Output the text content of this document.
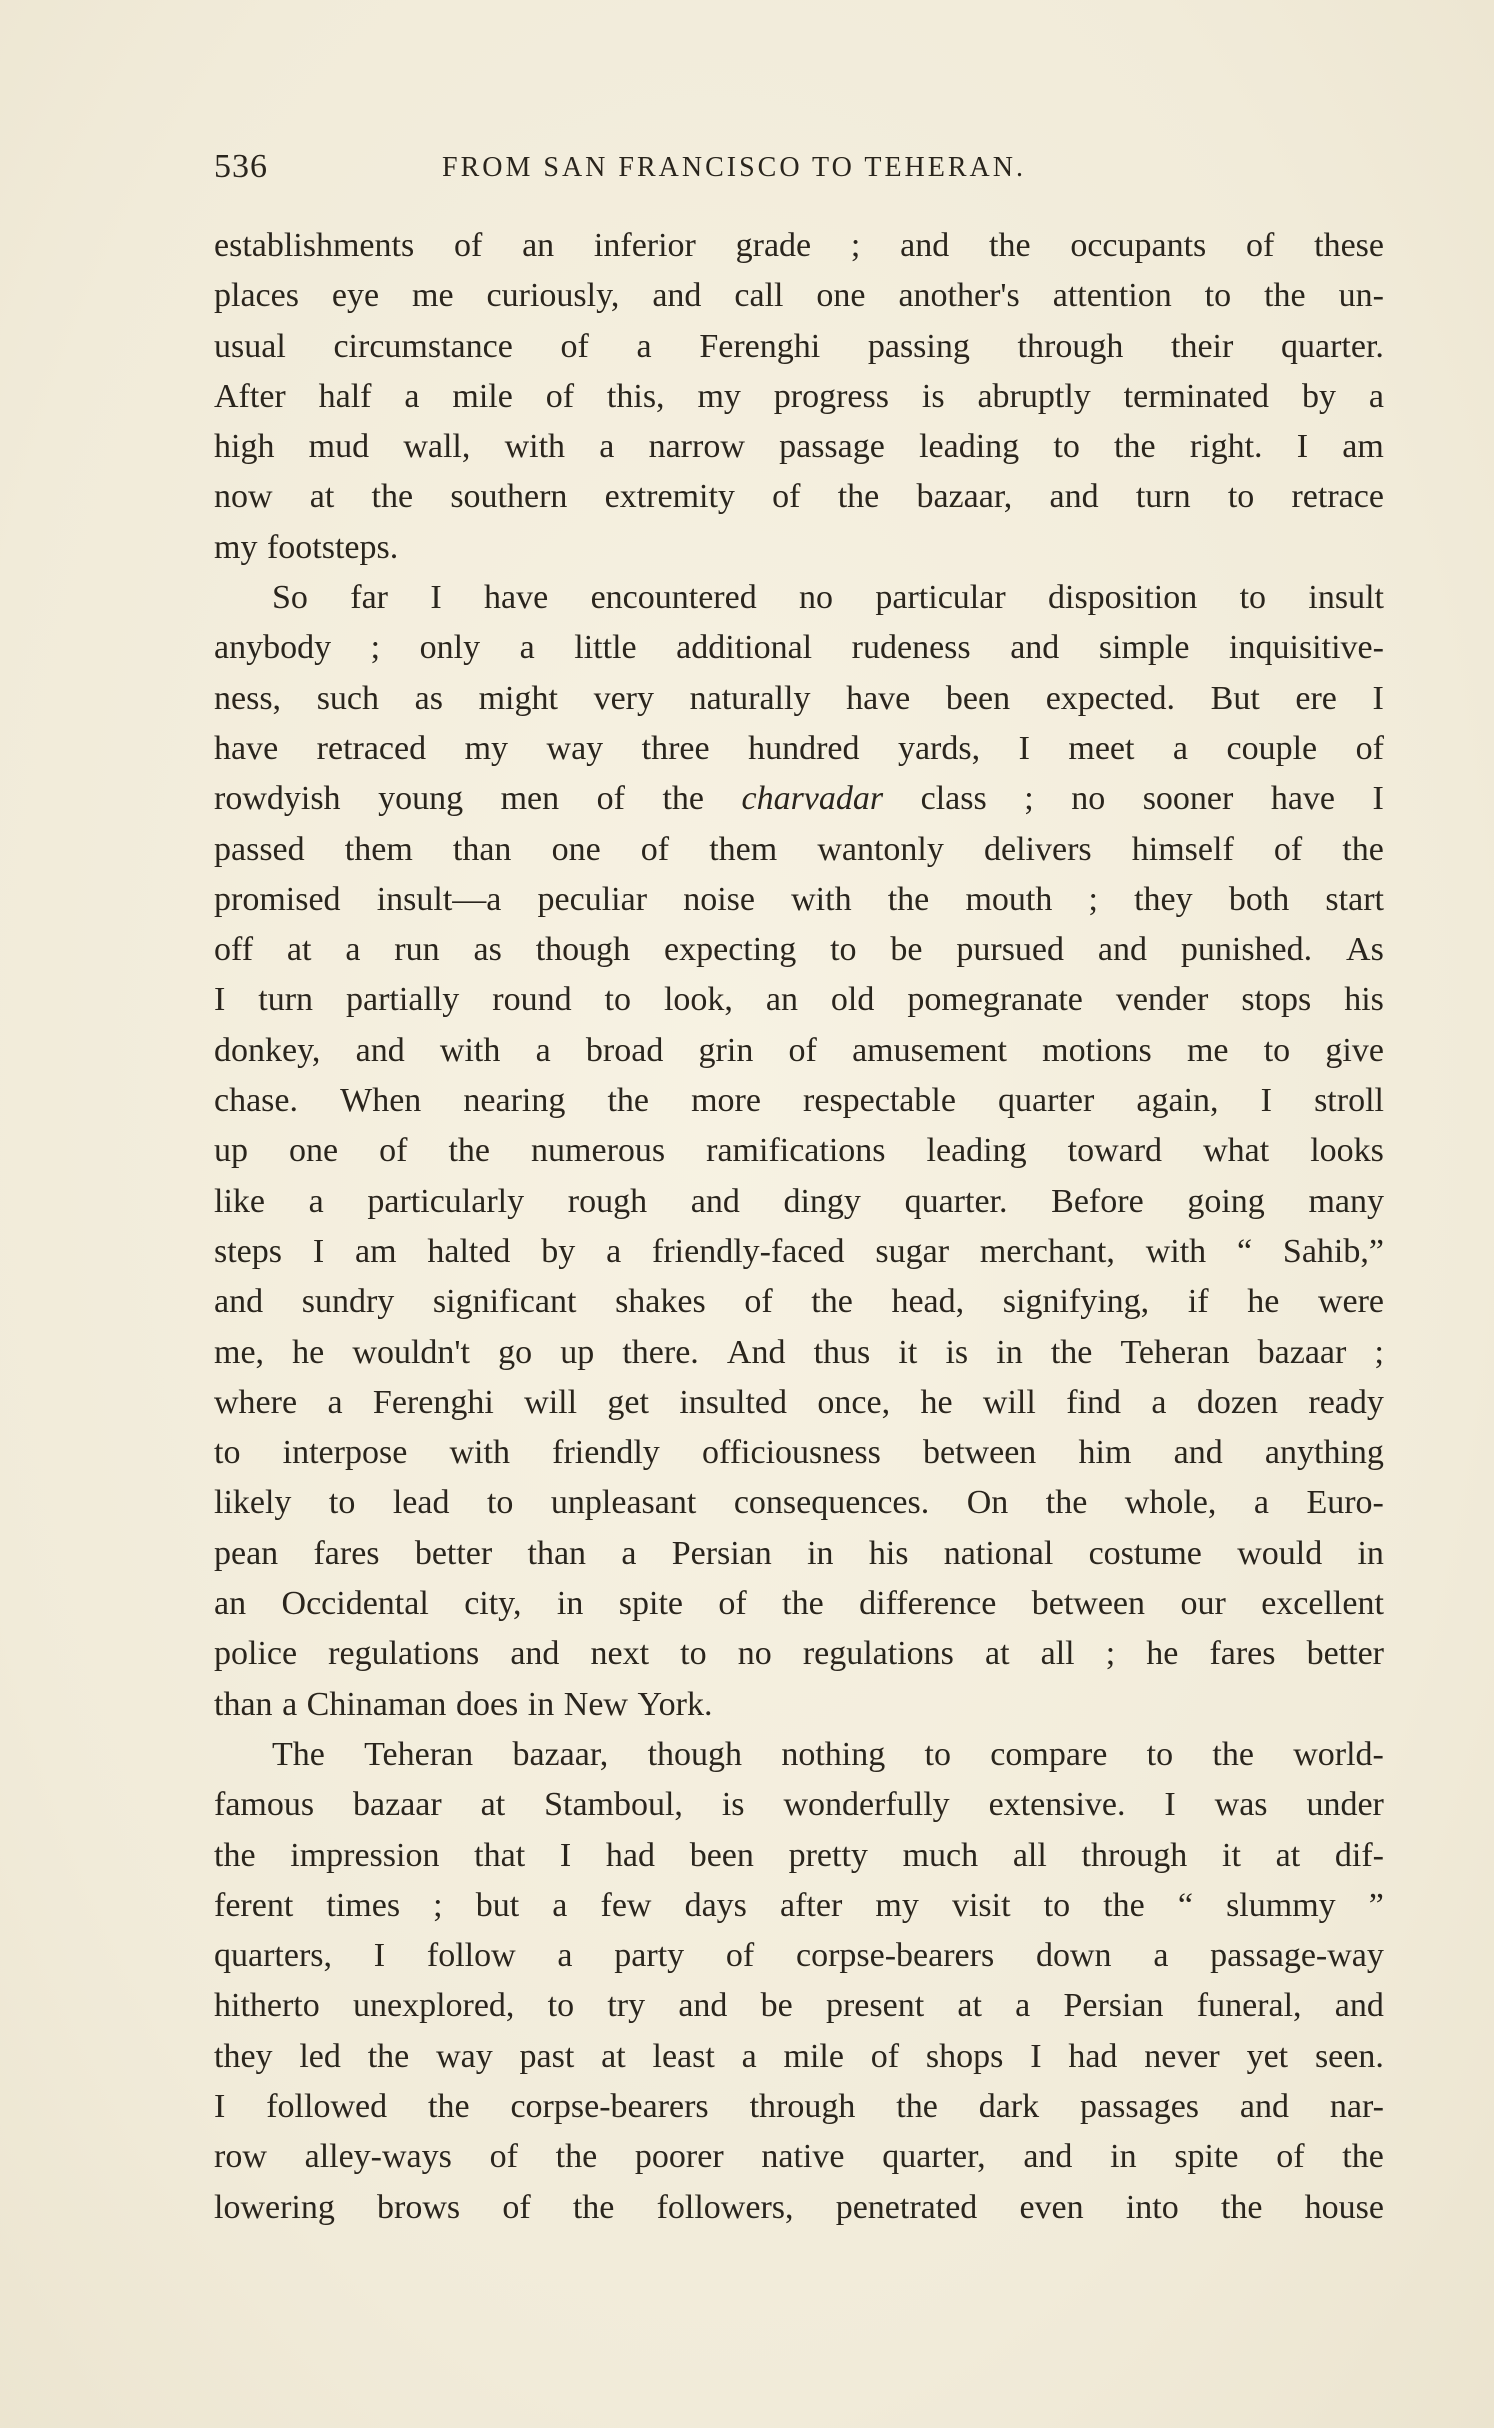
536	FROM SAN FRANCISCO TO TEHERAN.
establishments of an inferior grade ; and the occupants of these
places eye me curiously, and call one another's attention to the un-
usual circumstance of a Ferenghi passing through their quarter.
After half a mile of this, my progress is abruptly terminated by a
high mud wall, with a narrow passage leading to the right. I am
now at the southern extremity of the bazaar, and turn to retrace
my footsteps.
So far I have encountered no particular disposition to insult
anybody ; only a little additional rudeness and simple inquisitive-
ness, such as might very naturally have been expected. But ere I
have retraced my way three hundred yards, I meet a couple of
rowdyish young men of the charvadar class ; no sooner have I
passed them than one of them wantonly delivers himself of the
promised insult—a peculiar noise with the mouth ; they both start
off at a run as though expecting to be pursued and punished. As
I turn partially round to look, an old pomegranate vender stops his
donkey, and with a broad grin of amusement motions me to give
chase. When nearing the more respectable quarter again, I stroll
up one of the numerous ramifications leading toward what looks
like a particularly rough and dingy quarter. Before going many
steps I am halted by a friendly-faced sugar merchant, with “ Sahib,”
and sundry significant shakes of the head, signifying, if he were
me, he wouldn't go up there. And thus it is in the Teheran bazaar ;
where a Ferenghi will get insulted once, he will find a dozen ready
to interpose with friendly officiousness between him and anything
likely to lead to unpleasant consequences. On the whole, a Euro-
pean fares better than a Persian in his national costume would in
an Occidental city, in spite of the difference between our excellent
police regulations and next to no regulations at all ; he fares better
than a Chinaman does in New York.
The Teheran bazaar, though nothing to compare to the world-
famous bazaar at Stamboul, is wonderfully extensive. I was under
the impression that I had been pretty much all through it at dif-
ferent times ; but a few days after my visit to the “ slummy ”
quarters, I follow a party of corpse-bearers down a passage-way
hitherto unexplored, to try and be present at a Persian funeral, and
they led the way past at least a mile of shops I had never yet seen.
I followed the corpse-bearers through the dark passages and nar-
row alley-ways of the poorer native quarter, and in spite of the
lowering brows of the followers, penetrated even into the house
